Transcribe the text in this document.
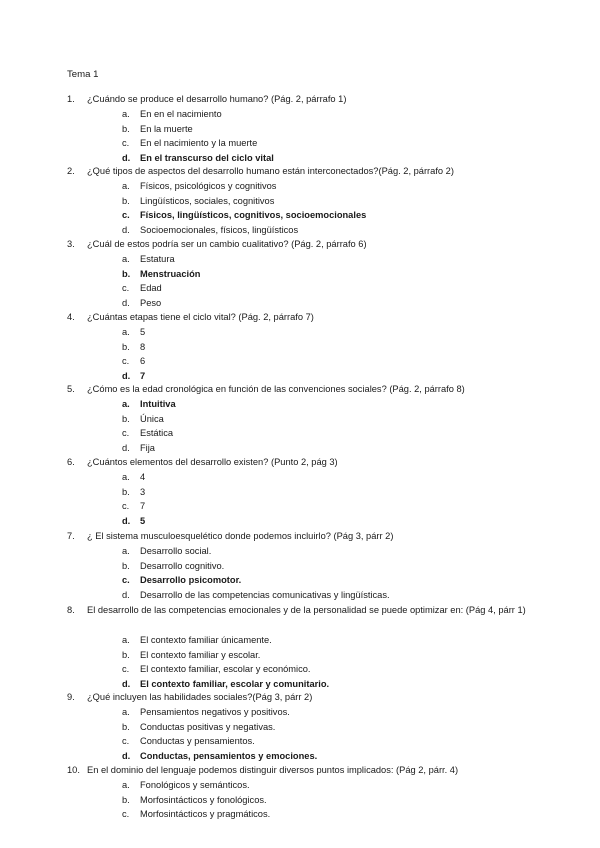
Tema 1
1.	¿Cuándo se produce el desarrollo humano? (Pág. 2, párrafo 1)
a. En en el nacimiento
b. En la muerte
c. En el nacimiento y la muerte
d. En el transcurso del ciclo vital
2.	¿Qué tipos de aspectos del desarrollo humano están interconectados?(Pág. 2, párrafo 2)
a. Físicos, psicológicos y cognitivos
b. Lingüísticos, sociales, cognitivos
c. Físicos, lingüísticos, cognitivos, socioemocionales
d. Socioemocionales, físicos, lingüísticos
3.	¿Cuál de estos podría ser un cambio cualitativo? (Pág. 2, párrafo 6)
a. Estatura
b. Menstruación
c. Edad
d. Peso
4.	¿Cuántas etapas tiene el ciclo vital? (Pág. 2, párrafo 7)
a. 5
b. 8
c. 6
d. 7
5.	¿Cómo es la edad cronológica en función de las convenciones sociales? (Pág. 2, párrafo 8)
a. Intuitiva
b. Única
c. Estática
d. Fija
6.	¿Cuántos elementos del desarrollo existen? (Punto 2, pág 3)
a. 4
b. 3
c. 7
d. 5
7.	¿ El sistema musculoesquelético donde podemos incluirlo? (Pág 3, párr 2)
a. Desarrollo social.
b. Desarrollo cognitivo.
c. Desarrollo psicomotor.
d. Desarrollo de las competencias comunicativas y lingüísticas.
8.	El desarrollo de las competencias emocionales y de la personalidad se puede optimizar en: (Pág 4, párr 1)
a. El contexto familiar únicamente.
b. El contexto familiar y escolar.
c. El contexto familiar, escolar y económico.
d. El contexto familiar, escolar y comunitario.
9.	¿Qué incluyen las habilidades sociales?(Pág 3, párr 2)
a. Pensamientos negativos y positivos.
b. Conductas positivas y negativas.
c. Conductas y pensamientos.
d. Conductas, pensamientos y emociones.
10. En el dominio del lenguaje podemos distinguir diversos puntos implicados: (Pág 2, párr. 4)
a. Fonológicos y semánticos.
b. Morfosintácticos y fonológicos.
c. Morfosintácticos y pragmáticos.
